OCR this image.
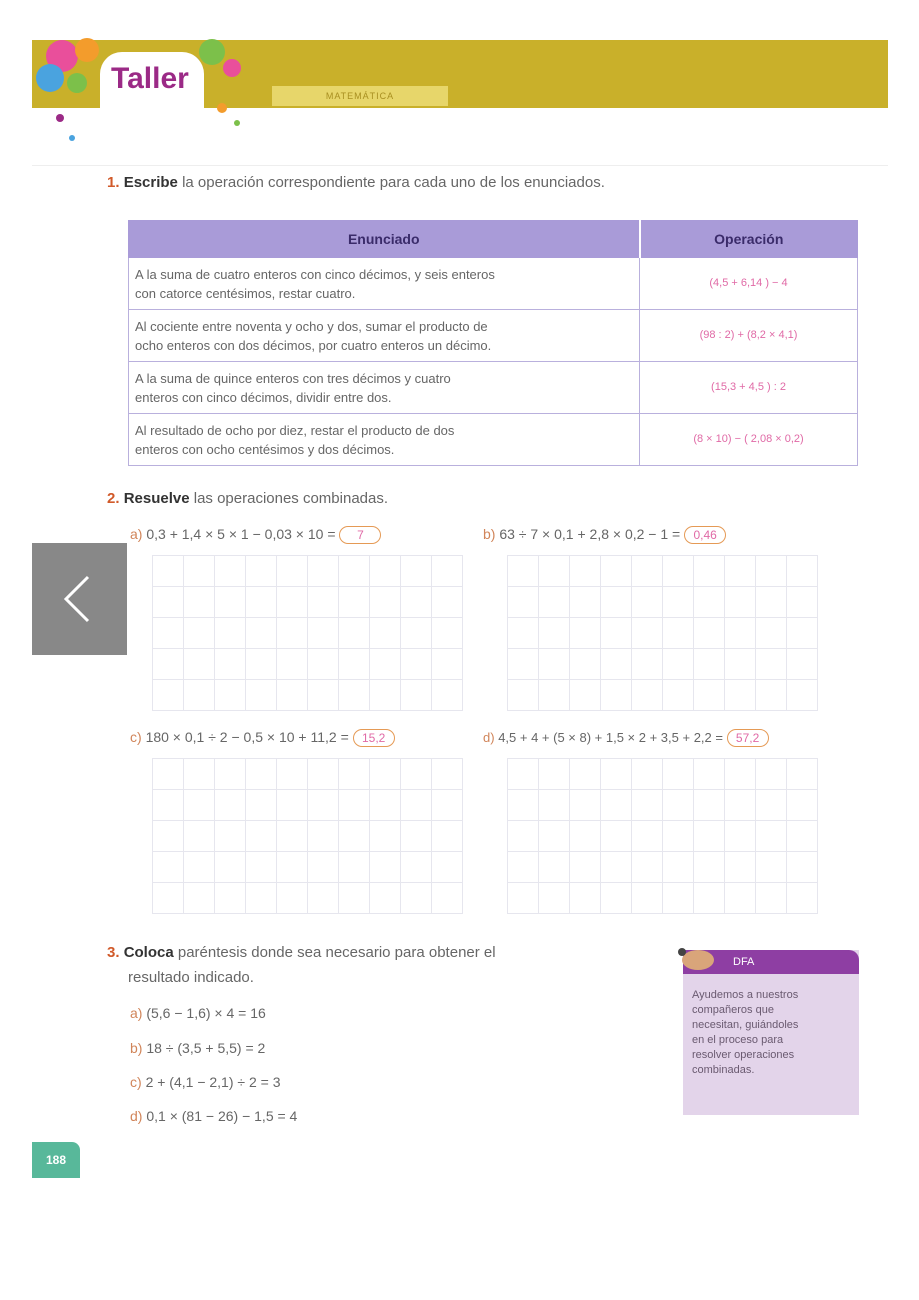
Taller
MATEMÁTICA
1. Escribe la operación correspondiente para cada uno de los enunciados.
Enunciado	Operación
A la suma de cuatro enteros con cinco décimos, y seis enteros
con catorce centésimos, restar cuatro.	(4,5 + 6,14 ) − 4
Al cociente entre noventa y ocho y dos, sumar el producto de
ocho enteros con dos décimos, por cuatro enteros un décimo.	(98 : 2) + (8,2 × 4,1)
A la suma de quince enteros con tres décimos y cuatro
enteros con cinco décimos, dividir entre dos.	(15,3 + 4,5 ) : 2
Al resultado de ocho por diez, restar el producto de dos
enteros con ocho centésimos y dos décimos.	(8 × 10) − ( 2,08 × 0,2)
2. Resuelve las operaciones combinadas.
a) 0,3 + 1,4 × 5 × 1 − 0,03 × 10 = 7	b) 63 ÷ 7 × 0,1 + 2,8 × 0,2 − 1 = 0,46
c) 180 × 0,1 ÷ 2 − 0,5 × 10 + 11,2 = 15,2	d) 4,5 + 4 + (5 × 8) + 1,5 × 2 + 3,5 + 2,2 = 57,2
3. Coloca paréntesis donde sea necesario para obtener el
resultado indicado.
a) (5,6 − 1,6) × 4 = 16
b) 18 ÷ (3,5 + 5,5) = 2
c) 2 + (4,1 − 2,1) ÷ 2 = 3
d) 0,1 × (81 − 26) − 1,5 = 4
DFA
Ayudemos a nuestros
compañeros que
necesitan, guiándoles
en el proceso para
resolver operaciones
combinadas.
188
